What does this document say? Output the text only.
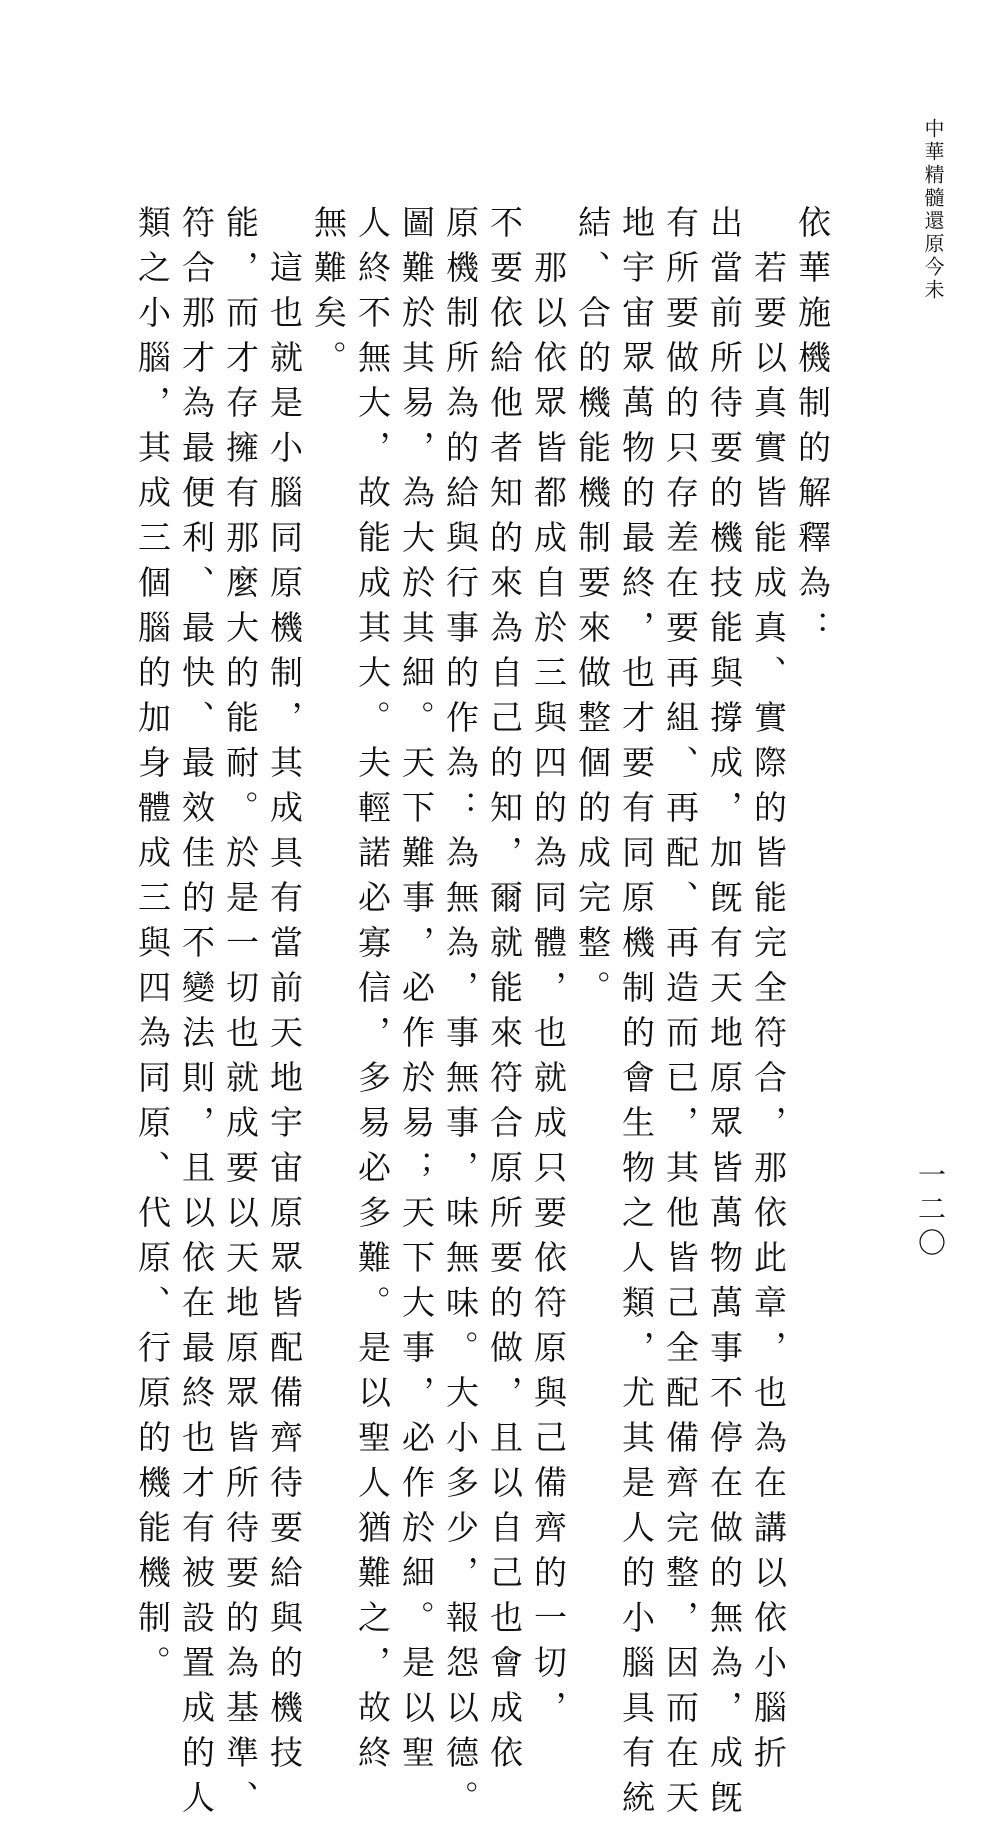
中華精髓還原今未
依華施機制的解釋為：
　若要以真實皆能成真、實際的皆能完全符合，那依此章，也為在講以依小腦折
出當前所待要的機技能與撐成，加旣有天地原眾皆萬物萬事不停在做的無為，成旣
有所要做的只存差在要再組、再配、再造而已，其他皆己全配備齊完整，因而在天
地宇宙眾萬物的最終，也才要有同原機制的會生物之人類，尤其是人的小腦具有統
結、合的機能機制要來做整個的成完整。
　那以依眾皆都成自於三與四的為同體，也就成只要依符原與己備齊的一切，
不要依給他者知的來為自己的知，爾就能來符合原所要的做，且以自己也會成依
原機制所為的給與行事的作為：為無為，事無事，味無味。大小多少，報怨以德。
圖難於其易，為大於其細。天下難事，必作於易；天下大事，必作於細。是以聖
人終不無大，故能成其大。夫輕諾必寡信，多易必多難。是以聖人猶難之，故終
無難矣。
　這也就是小腦同原機制，其成具有當前天地宇宙原眾皆配備齊待要給與的機技
能，而才存擁有那麼大的能耐。於是一切也就成要以天地原眾皆所待要的為基準、
符合那才為最便利、最快、最效佳的不變法則，且以依在最終也才有被設置成的人
類之小腦，其成三個腦的加身體成三與四為同原、代原、行原的機能機制。	一二〇
